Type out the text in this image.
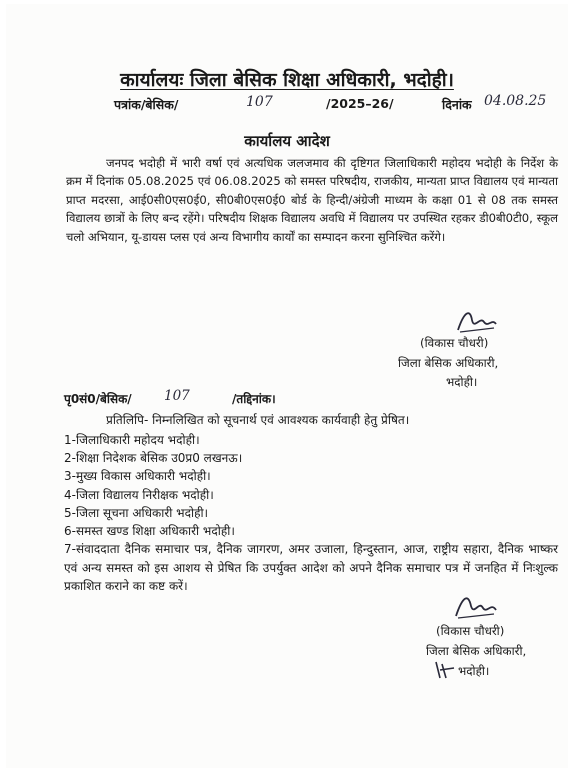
कार्यालयः जिला बेसिक शिक्षा अधिकारी, भदोही।
पत्रांक/बेसिक/	107	/2025–26/	दिनांक 04.08.25
कार्यालय आदेश

जनपद भदोही में भारी वर्षा एवं अत्यधिक जलजमाव की दृष्टिगत जिलाधिकारी महोदय भदोही के निर्देश के क्रम में दिनांक 05.08.2025 एवं 06.08.2025 को समस्त परिषदीय, राजकीय, मान्यता प्राप्त विद्यालय एवं मान्यता प्राप्त मदरसा, आई0सी0एस0ई0, सी0बी0एस0ई0 बोर्ड के हिन्दी/अंग्रेजी माध्यम के कक्षा 01 से 08 तक समस्त विद्यालय छात्रों के लिए बन्द रहेंगे। परिषदीय शिक्षक विद्यालय अवधि में विद्यालय पर उपस्थित रहकर डी0बी0टी0, स्कूल चलो अभियान, यू-डायस प्लस एवं अन्य विभागीय कार्यों का सम्पादन करना सुनिश्चित करेंगे।

(विकास चौधरी)
जिला बेसिक अधिकारी,
भदोही।
पृ0सं0/बेसिक/ 107	/तद्दिनांक।
प्रतिलिपि- निम्नलिखित को सूचनार्थ एवं आवश्यक कार्यवाही हेतु प्रेषित।
1-जिलाधिकारी महोदय भदोही।
2-शिक्षा निदेशक बेसिक उ0प्र0 लखनऊ।
3-मुख्य विकास अधिकारी भदोही।
4-जिला विद्यालय निरीक्षक भदोही।
5-जिला सूचना अधिकारी भदोही।
6-समस्त खण्ड शिक्षा अधिकारी भदोही।
7-संवाददाता दैनिक समाचार पत्र, दैनिक जागरण, अमर उजाला, हिन्दुस्तान, आज, राष्ट्रीय सहारा, दैनिक भाष्कर एवं अन्य समस्त को इस आशय से प्रेषित कि उपर्युक्त आदेश को अपने दैनिक समाचार पत्र में जनहित में निःशुल्क प्रकाशित कराने का कष्ट करें।
(विकास चौधरी)
जिला बेसिक अधिकारी,
भदोही।
